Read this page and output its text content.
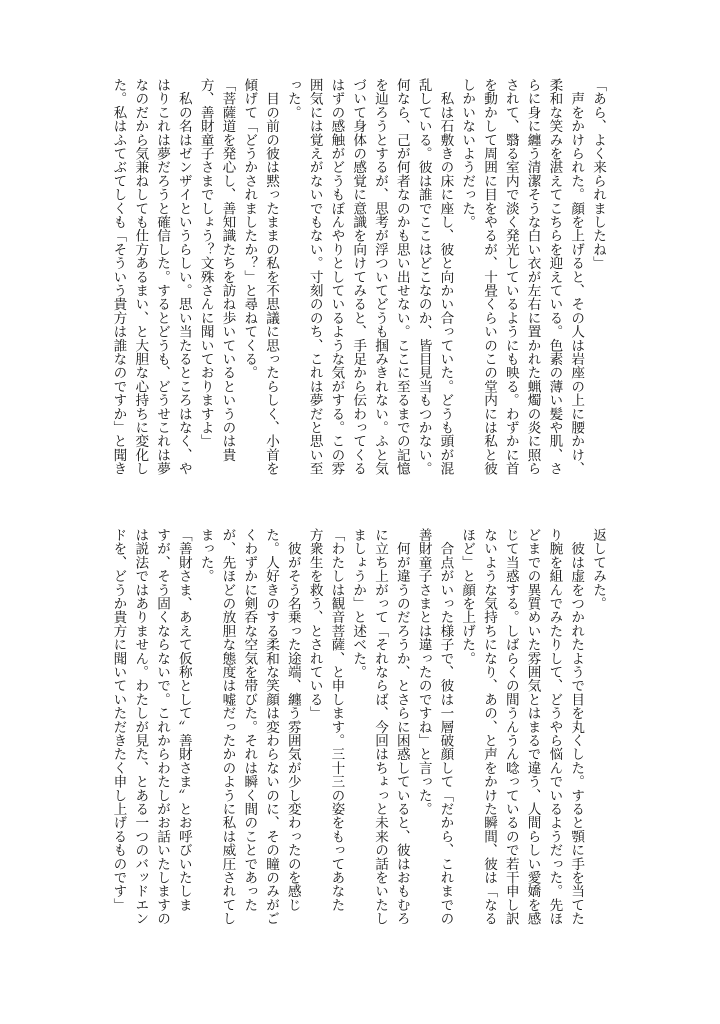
「あら、よく来られましたね」
　声をかけられた。顔を上げると、その人は岩座の上に腰かけ、
柔和な笑みを湛えてこちらを迎えている。色素の薄い髪や肌、さ
らに身に纏う清潔そうな白い衣が左右に置かれた蝋燭の炎に照ら
されて、翳る室内で淡く発光しているようにも映る。わずかに首
を動かして周囲に目をやるが、十畳くらいのこの堂内には私と彼
しかいないようだった。
　私は石敷きの床に座し、彼と向かい合っていた。どうも頭が混
乱している。彼は誰でここはどこなのか、皆目見当もつかない。
何なら、己が何者なのかも思い出せない。ここに至るまでの記憶
を辿ろうとするが、思考が浮ついてどうも掴みきれない。ふと気
づいて身体の感覚に意識を向けてみると、手足から伝わってくる
はずの感触がどうもぼんやりとしているような気がする。この雰
囲気には覚えがないでもない。寸刻ののち、これは夢だと思い至
った。
　目の前の彼は黙ったままの私を不思議に思ったらしく、小首を
傾げて「どうかされましたか？」と尋ねてくる。
「菩薩道を発心し、善知識たちを訪ね歩いているというのは貴
方、善財童子さまでしょう？文殊さんに聞いておりますよ」
　私の名はゼンザイというらしい。思い当たるところはなく、や
はりこれは夢だろうと確信した。するとどうも、どうせこれは夢
なのだから気兼ねしても仕方あるまい、と大胆な心持ちに変化し
た。私はふてぶてしくも「そういう貴方は誰なのですか」と聞き
返してみた。
　彼は虚をつかれたようで目を丸くした。すると顎に手を当てた
り腕を組んでみたりして、どうやら悩んでいるようだった。先ほ
どまでの異質めいた雰囲気とはまるで違う、人間らしい愛嬌を感
じて当惑する。しばらくの間うんうん唸っているので若干申し訳
ないような気持ちになり、あの、と声をかけた瞬間、彼は「なる
ほど」と顔を上げた。
　合点がいった様子で、彼は一層破顔して「だから、これまでの
善財童子さまとは違ったのですね」と言った。
　何が違うのだろうか、とさらに困惑していると、彼はおもむろ
に立ち上がって「それならば、今回はちょっと未来の話をいたし
ましょうか」と述べた。
「わたしは観音菩薩、と申します。三十三の姿をもってあなた
方衆生を救う、とされている」
　彼がそう名乗った途端、纏う雰囲気が少し変わったのを感じ
た。人好きのする柔和な笑顔は変わらないのに、その瞳のみがご
くわずかに剣呑な空気を帯びた。それは瞬く間のことであった
が、先ほどの放胆な態度は嘘だったかのように私は威圧されてし
まった。
「善財さま、あえて仮称として〟善財さま〟とお呼びいたしま
すが、そう固くならないで。これからわたしがお話いたしますの
は説法ではありません。わたしが見た、とある一つのバッドエン
ドを、どうか貴方に聞いていただきたく申し上げるものです」
